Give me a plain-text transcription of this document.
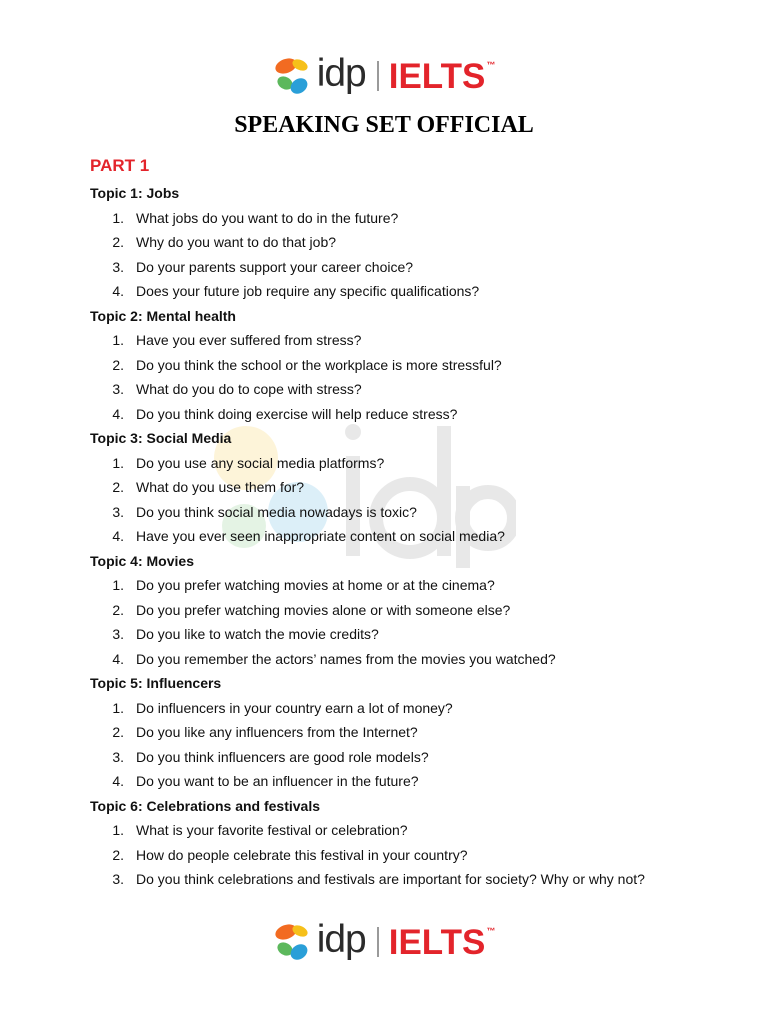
idp IELTS ™
SPEAKING SET OFFICIAL
PART 1
Topic 1: Jobs
1. What jobs do you want to do in the future?
2. Why do you want to do that job?
3. Do your parents support your career choice?
4. Does your future job require any specific qualifications?
Topic 2: Mental health
1. Have you ever suffered from stress?
2. Do you think the school or the workplace is more stressful?
3. What do you do to cope with stress?
4. Do you think doing exercise will help reduce stress?
Topic 3: Social Media
1. Do you use any social media platforms?
2. What do you use them for?
3. Do you think social media nowadays is toxic?
4. Have you ever seen inappropriate content on social media?
Topic 4: Movies
1. Do you prefer watching movies at home or at the cinema?
2. Do you prefer watching movies alone or with someone else?
3. Do you like to watch the movie credits?
4. Do you remember the actors’ names from the movies you watched?
Topic 5: Influencers
1. Do influencers in your country earn a lot of money?
2. Do you like any influencers from the Internet?
3. Do you think influencers are good role models?
4. Do you want to be an influencer in the future?
Topic 6: Celebrations and festivals
1. What is your favorite festival or celebration?
2. How do people celebrate this festival in your country?
3. Do you think celebrations and festivals are important for society? Why or why not?
idp IELTS ™
